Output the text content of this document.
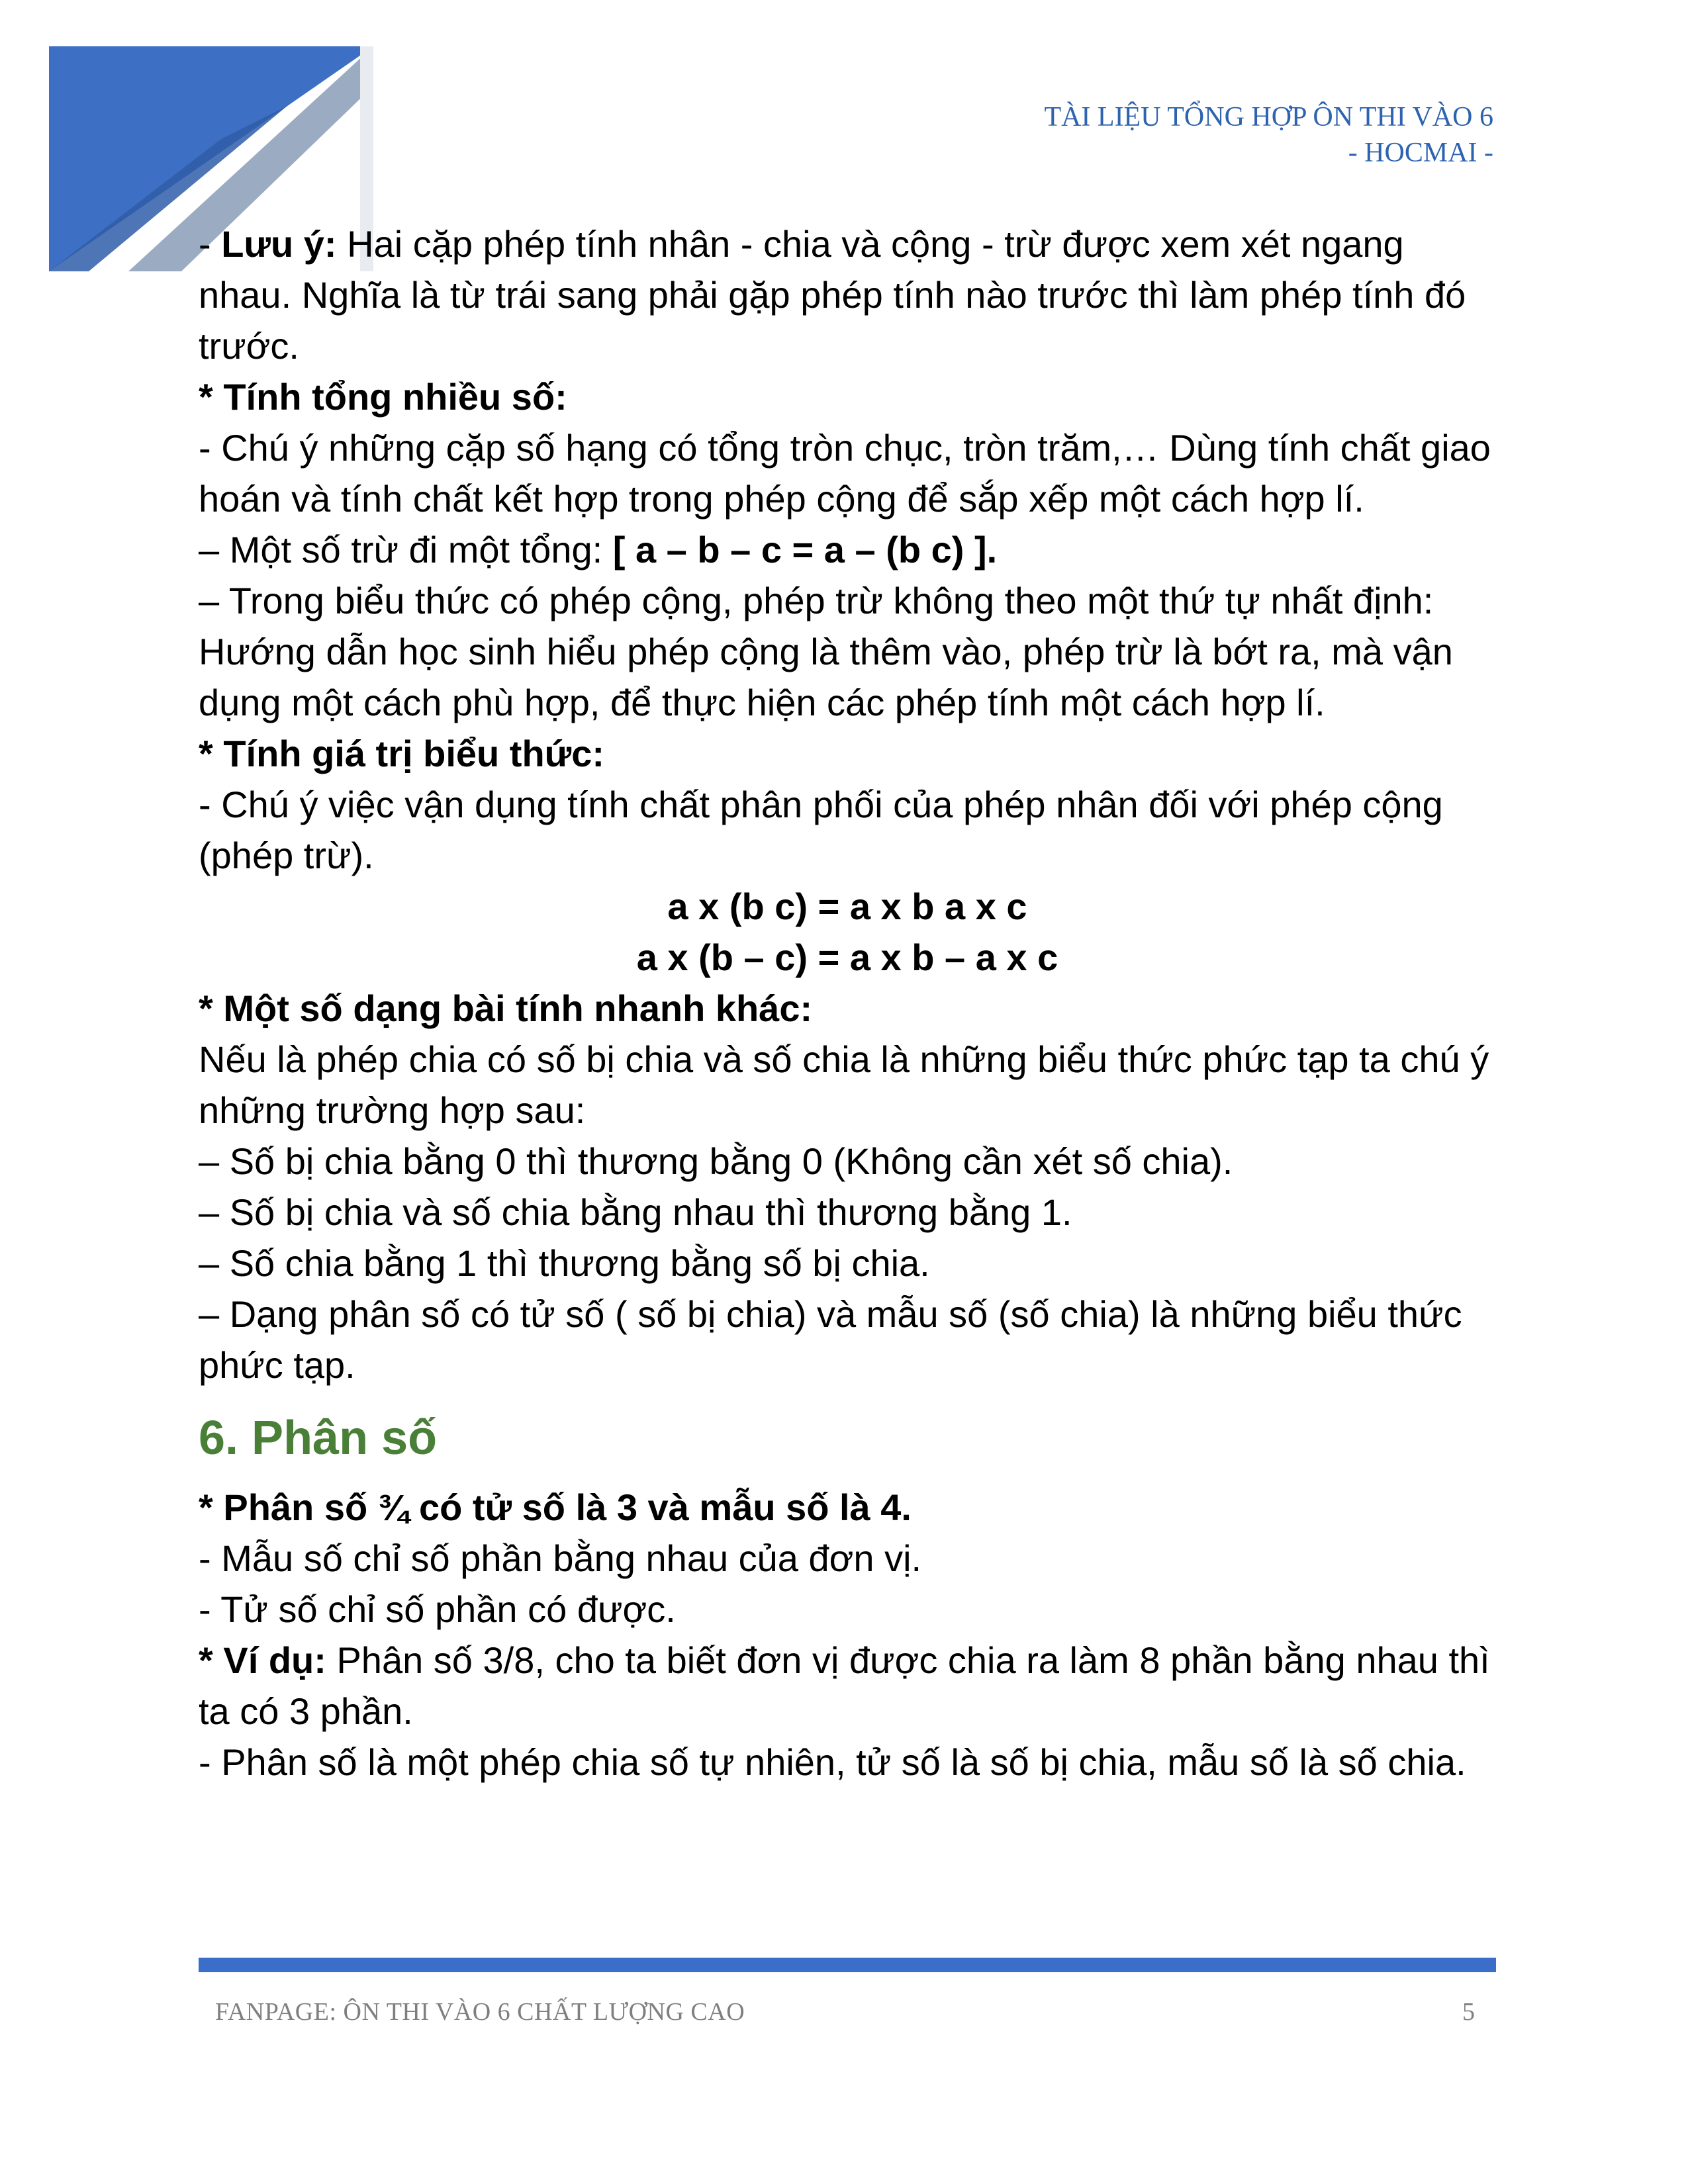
TÀI LIỆU TỔNG HỢP ÔN THI VÀO 6
- HOCMAI -

- Lưu ý: Hai cặp phép tính nhân - chia và cộng - trừ được xem xét ngang nhau. Nghĩa là từ trái sang phải gặp phép tính nào trước thì làm phép tính đó trước.

* Tính tổng nhiều số:

- Chú ý những cặp số hạng có tổng tròn chục, tròn trăm,… Dùng tính chất giao hoán và tính chất kết hợp trong phép cộng để sắp xếp một cách hợp lí.

– Một số trừ đi một tổng: [ a – b – c = a – (b c) ].

– Trong biểu thức có phép cộng, phép trừ không theo một thứ tự nhất định: Hướng dẫn học sinh hiểu phép cộng là thêm vào, phép trừ là bớt ra, mà vận dụng một cách phù hợp, để thực hiện các phép tính một cách hợp lí.

* Tính giá trị biểu thức:

- Chú ý việc vận dụng tính chất phân phối của phép nhân đối với phép cộng (phép trừ).

a x (b c) = a x b a x c

a x (b – c) = a x b – a x c

* Một số dạng bài tính nhanh khác:

Nếu là phép chia có số bị chia và số chia là những biểu thức phức tạp ta chú ý những trường hợp sau:

– Số bị chia bằng 0 thì thương bằng 0 (Không cần xét số chia).

– Số bị chia và số chia bằng nhau thì thương bằng 1.

– Số chia bằng 1 thì thương bằng số bị chia.

– Dạng phân số có tử số ( số bị chia) và mẫu số (số chia) là những biểu thức phức tạp.

6. Phân số

* Phân số ¾ có tử số là 3 và mẫu số là 4.

- Mẫu số chỉ số phần bằng nhau của đơn vị.

- Tử số chỉ số phần có được.

* Ví dụ: Phân số 3/8, cho ta biết đơn vị được chia ra làm 8 phần bằng nhau thì ta có 3 phần.

- Phân số là một phép chia số tự nhiên, tử số là số bị chia, mẫu số là số chia.

FANPAGE: ÔN THI VÀO 6 CHẤT LƯỢNG CAO	5
